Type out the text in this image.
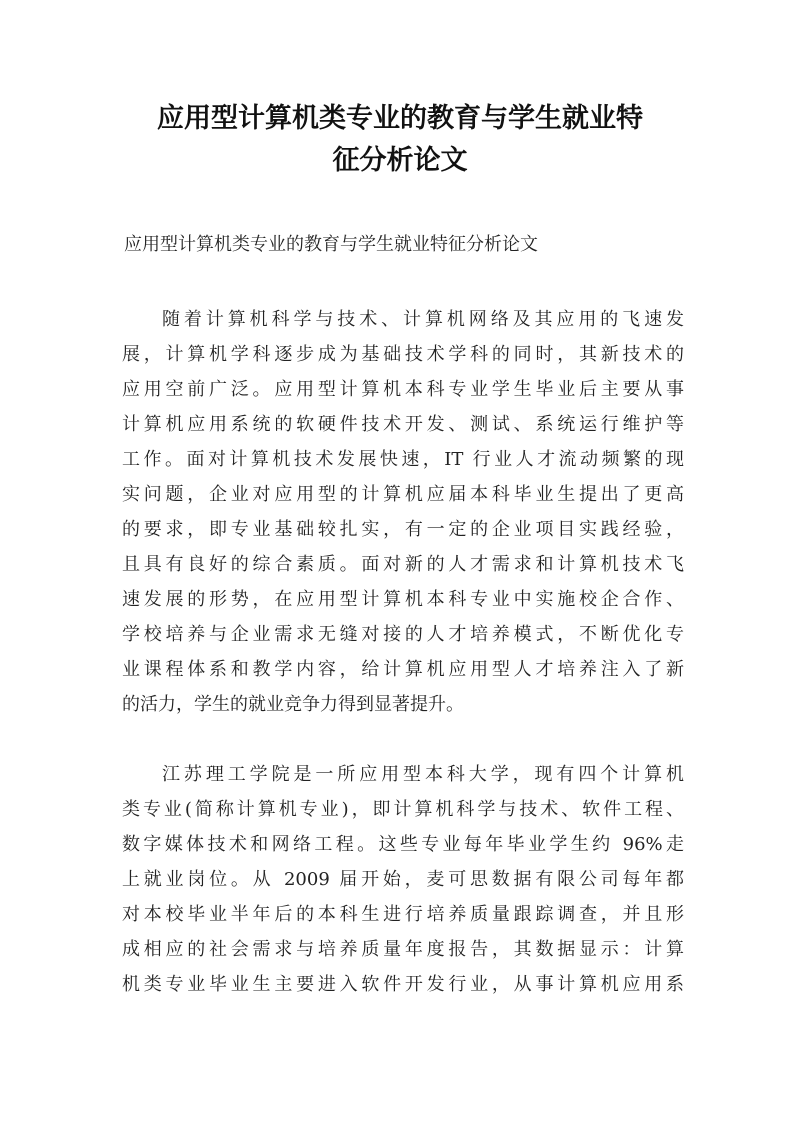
应用型计算机类专业的教育与学生就业特
征分析论文

应用型计算机类专业的教育与学生就业特征分析论文

随着计算机科学与技术、计算机网络及其应用的飞速发
展，计算机学科逐步成为基础技术学科的同时，其新技术的
应用空前广泛。应用型计算机本科专业学生毕业后主要从事
计算机应用系统的软硬件技术开发、测试、系统运行维护等
工作。面对计算机技术发展快速，IT 行业人才流动频繁的现
实问题，企业对应用型的计算机应届本科毕业生提出了更高
的要求，即专业基础较扎实，有一定的企业项目实践经验，
且具有良好的综合素质。面对新的人才需求和计算机技术飞
速发展的形势，在应用型计算机本科专业中实施校企合作、
学校培养与企业需求无缝对接的人才培养模式，不断优化专
业课程体系和教学内容，给计算机应用型人才培养注入了新
的活力，学生的就业竞争力得到显著提升。
江苏理工学院是一所应用型本科大学，现有四个计算机
类专业(简称计算机专业)，即计算机科学与技术、软件工程、
数字媒体技术和网络工程。这些专业每年毕业学生约 96%走
上就业岗位。从 2009 届开始，麦可思数据有限公司每年都
对本校毕业半年后的本科生进行培养质量跟踪调查，并且形
成相应的社会需求与培养质量年度报告，其数据显示：计算
机类专业毕业生主要进入软件开发行业，从事计算机应用系
